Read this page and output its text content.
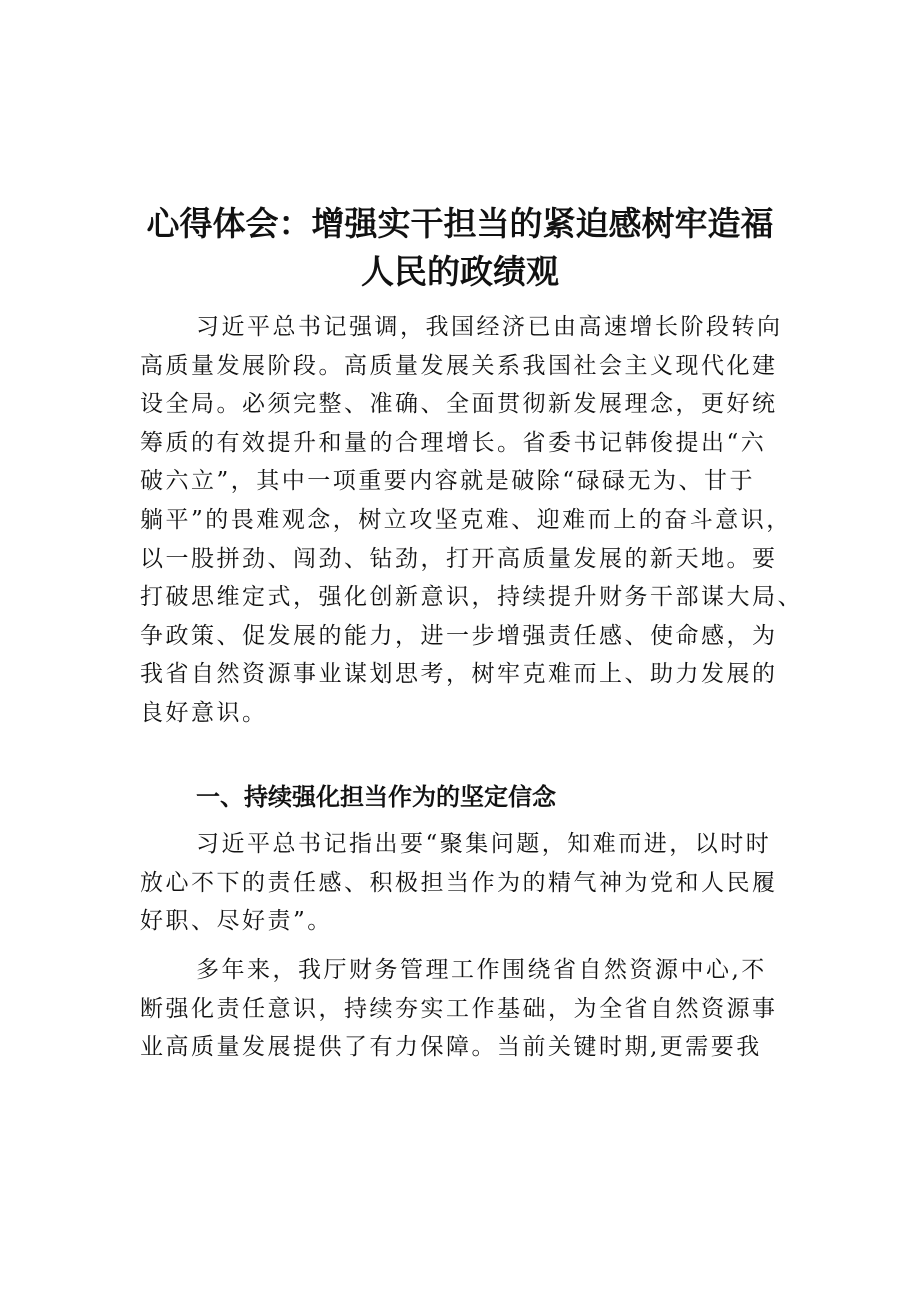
心得体会：增强实干担当的紧迫感树牢造福
人民的政绩观
习近平总书记强调，我国经济已由高速增长阶段转向
高质量发展阶段。高质量发展关系我国社会主义现代化建
设全局。必须完整、准确、全面贯彻新发展理念，更好统
筹质的有效提升和量的合理增长。省委书记韩俊提出“六
破六立”，其中一项重要内容就是破除“碌碌无为、甘于
躺平”的畏难观念，树立攻坚克难、迎难而上的奋斗意识，
以一股拼劲、闯劲、钻劲，打开高质量发展的新天地。要
打破思维定式，强化创新意识，持续提升财务干部谋大局、
争政策、促发展的能力，进一步增强责任感、使命感，为
我省自然资源事业谋划思考，树牢克难而上、助力发展的
良好意识。
一、持续强化担当作为的坚定信念
习近平总书记指出要“聚集问题，知难而进，以时时
放心不下的责任感、积极担当作为的精气神为党和人民履
好职、尽好责”。
多年来，我厅财务管理工作围绕省自然资源中心,不
断强化责任意识，持续夯实工作基础，为全省自然资源事
业高质量发展提供了有力保障。当前关键时期,更需要我
